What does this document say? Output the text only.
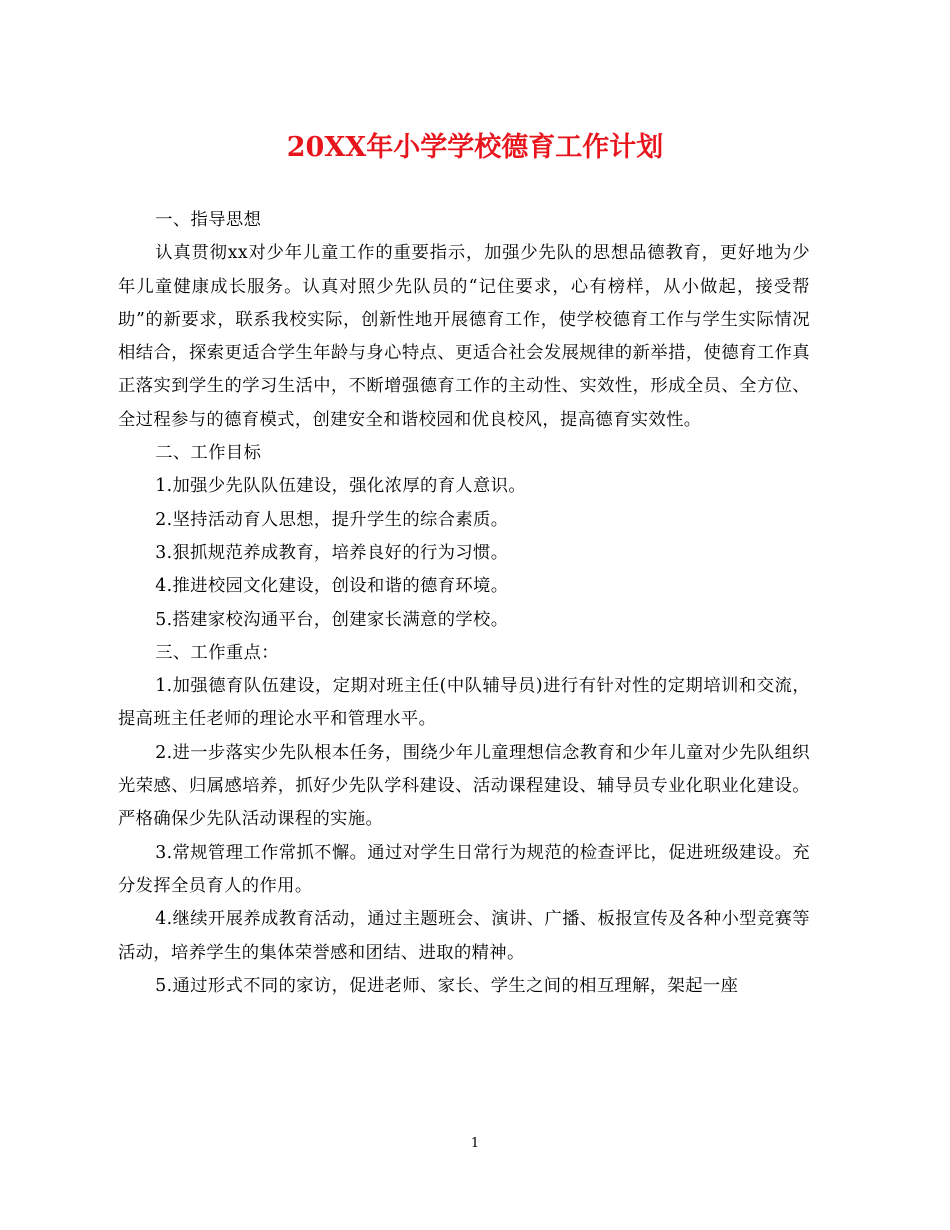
20XX年小学学校德育工作计划

一、指导思想

认真贯彻xx对少年儿童工作的重要指示，加强少先队的思想品德教育，更好地为少年儿童健康成长服务。认真对照少先队员的“记住要求，心有榜样，从小做起，接受帮助”的新要求，联系我校实际，创新性地开展德育工作，使学校德育工作与学生实际情况相结合，探索更适合学生年龄与身心特点、更适合社会发展规律的新举措，使德育工作真正落实到学生的学习生活中，不断增强德育工作的主动性、实效性，形成全员、全方位、全过程参与的德育模式，创建安全和谐校园和优良校风，提高德育实效性。

二、工作目标

1.加强少先队队伍建设，强化浓厚的育人意识。

2.坚持活动育人思想，提升学生的综合素质。

3.狠抓规范养成教育，培养良好的行为习惯。

4.推进校园文化建设，创设和谐的德育环境。

5.搭建家校沟通平台，创建家长满意的学校。

三、工作重点：

1.加强德育队伍建设，定期对班主任(中队辅导员)进行有针对性的定期培训和交流，提高班主任老师的理论水平和管理水平。

2.进一步落实少先队根本任务，围绕少年儿童理想信念教育和少年儿童对少先队组织光荣感、归属感培养，抓好少先队学科建设、活动课程建设、辅导员专业化职业化建设。严格确保少先队活动课程的实施。

3.常规管理工作常抓不懈。通过对学生日常行为规范的检查评比，促进班级建设。充分发挥全员育人的作用。

4.继续开展养成教育活动，通过主题班会、演讲、广播、板报宣传及各种小型竞赛等活动，培养学生的集体荣誉感和团结、进取的精神。

5.通过形式不同的家访，促进老师、家长、学生之间的相互理解，架起一座

1
